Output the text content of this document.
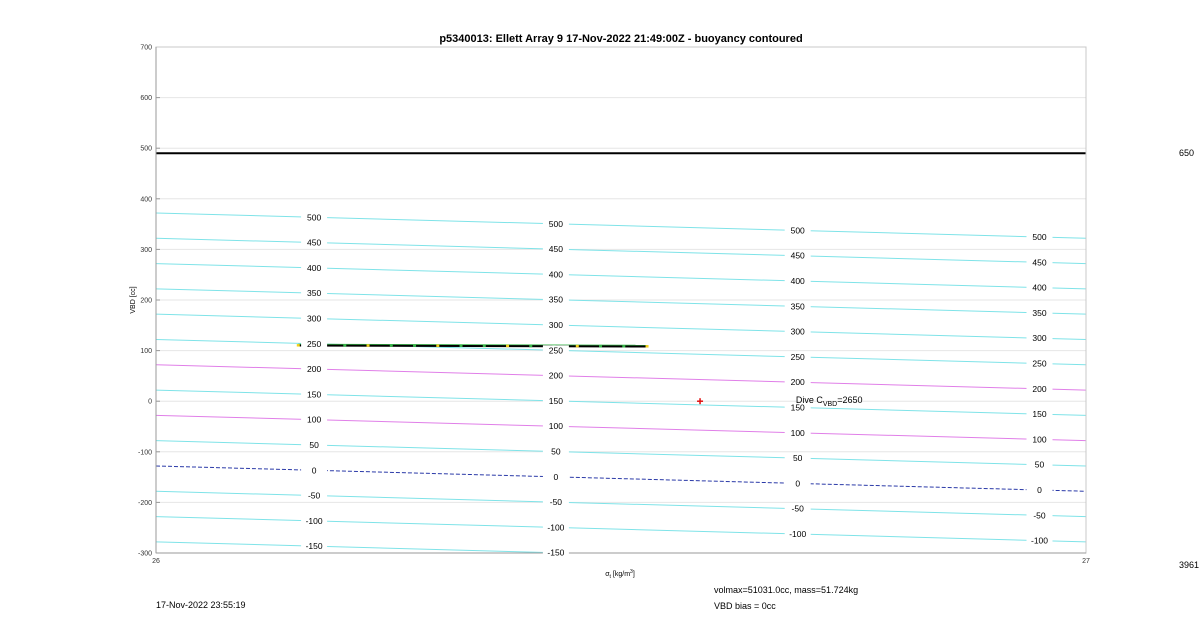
p5340013: Ellett Array 9 17-Nov-2022 21:49:00Z - buoyancy contoured
500
500
500
500
450
450
450
450
400
400
400
400
350
350
350
350
300
300
300
300
250
250
250
250
200
200
200
200
150
150
150
150
100
100
100
100
50
50
50
50
0
0
0
0
-50
-50
-50
-50
-100
-100
-100
-100
-150
-150
-300
-200
-100
0
100
200
300
400
500
600
700
26	27
VBD [cc]
$\sigma_t$ $[kg/m^3]$
Dive $C_{VBD}=2650$
650
3961
17-Nov-2022 23:55:19
volmax=51031.0cc, mass=51.724kg
VBD bias = 0cc
